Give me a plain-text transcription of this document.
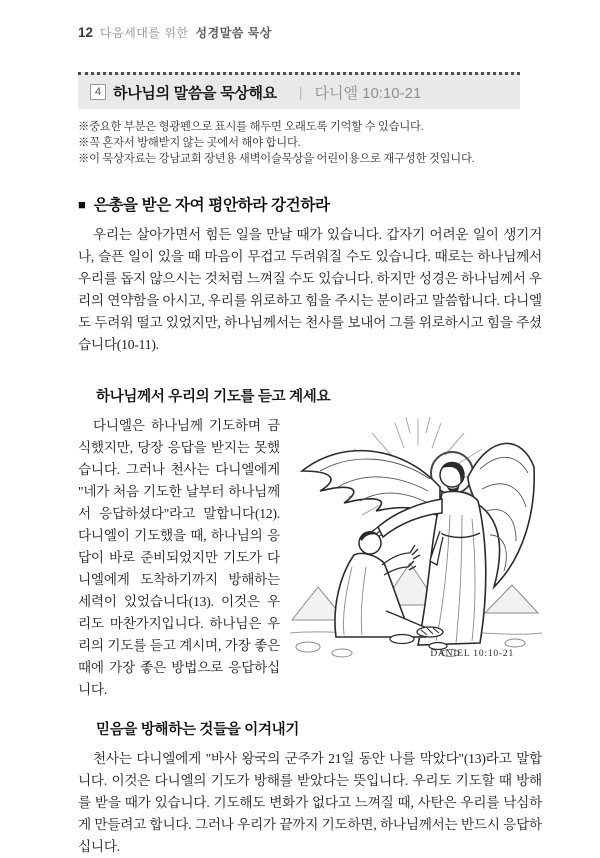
12 다음세대를 위한 성경말씀 묵상
4 하나님의 말씀을 묵상해요 | 다니엘 10:10-21
※중요한 부분은 형광펜으로 표시를 해두면 오래도록 기억할 수 있습니다.
※꼭 혼자서 방해받지 않는 곳에서 해야 합니다.
※이 묵상자료는 강남교회 장년용 새벽이슬묵상을 어린이용으로 재구성한 것입니다.
■ 은총을 받은 자여 평안하라 강건하라

우리는 살아가면서 힘든 일을 만날 때가 있습니다. 갑자기 어려운 일이 생기거나, 슬픈 일이 있을 때 마음이 무겁고 두려워질 수도 있습니다. 때로는 하나님께서 우리를 돕지 않으시는 것처럼 느껴질 수도 있습니다. 하지만 성경은 하나님께서 우리의 연약함을 아시고, 우리를 위로하고 힘을 주시는 분이라고 말씀합니다. 다니엘도 두려워 떨고 있었지만, 하나님께서는 천사를 보내어 그를 위로하시고 힘을 주셨습니다(10-11).

하나님께서 우리의 기도를 듣고 계세요
DANIEL 10:10-21

다니엘은 하나님께 기도하며 금식했지만, 당장 응답을 받지는 못했습니다. 그러나 천사는 다니엘에게 "네가 처음 기도한 날부터 하나님께서 응답하셨다"라고 말합니다(12). 다니엘이 기도했을 때, 하나님의 응답이 바로 준비되었지만 기도가 다니엘에게 도착하기까지 방해하는 세력이 있었습니다(13). 이것은 우리도 마찬가지입니다. 하나님은 우리의 기도를 듣고 계시며, 가장 좋은 때에 가장 좋은 방법으로 응답하십니다.

믿음을 방해하는 것들을 이겨내기

천사는 다니엘에게 "바사 왕국의 군주가 21일 동안 나를 막았다"(13)라고 말합니다. 이것은 다니엘의 기도가 방해를 받았다는 뜻입니다. 우리도 기도할 때 방해를 받을 때가 있습니다. 기도해도 변화가 없다고 느껴질 때, 사탄은 우리를 낙심하게 만들려고 합니다. 그러나 우리가 끝까지 기도하면, 하나님께서는 반드시 응답하십니다.
